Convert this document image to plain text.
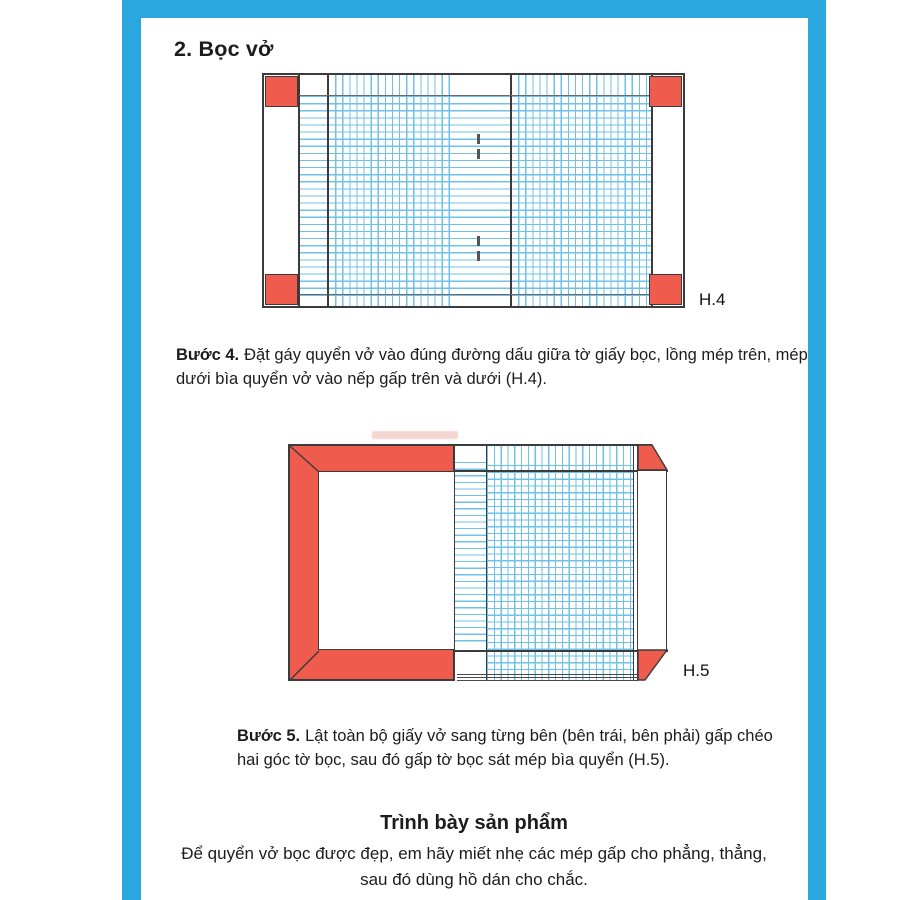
2. Bọc vở
H.4
Bước 4. Đặt gáy quyển vở vào đúng đường dấu giữa tờ giấy bọc, lồng mép trên, mép
dưới bìa quyển vở vào nếp gấp trên và dưới (H.4).
H.5
Bước 5. Lật toàn bộ giấy vở sang từng bên (bên trái, bên phải) gấp chéo
hai góc tờ bọc, sau đó gấp tờ bọc sát mép bìa quyển (H.5).
Trình bày sản phẩm
Để quyển vở bọc được đẹp, em hãy miết nhẹ các mép gấp cho phẳng, thẳng,
sau đó dùng hồ dán cho chắc.
